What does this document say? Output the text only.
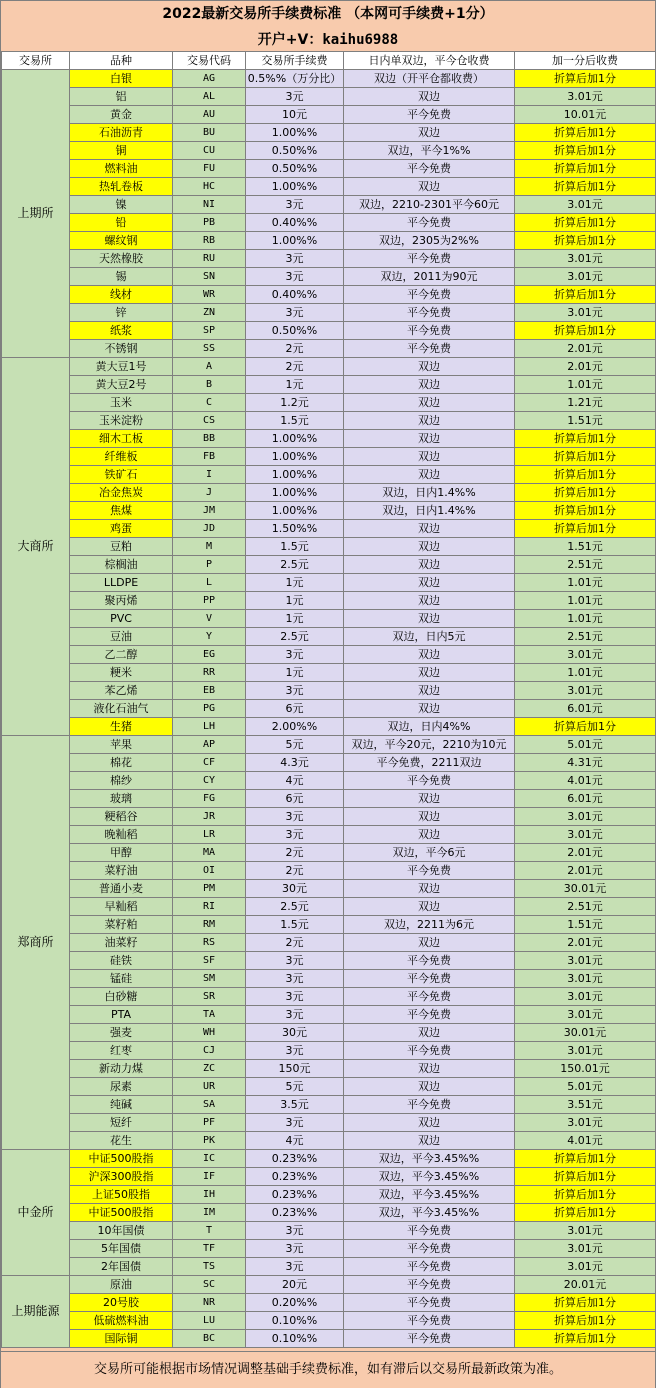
2022最新交易所手续费标准 （本网可手续费+1分）
开户+V：kaihu6988
交易所	品种	交易代码	交易所手续费	日内单双边，平今仓收费	加一分后收费
上期所	白银	AG	0.5%%（万分比）	双边（开平仓都收费）	折算后加1分
	铝	AL	3元	双边	3.01元
	黄金	AU	10元	平今免费	10.01元
	石油沥青	BU	1.00%%	双边	折算后加1分
	铜	CU	0.50%%	双边，平今1%%	折算后加1分
	燃料油	FU	0.50%%	平今免费	折算后加1分
	热轧卷板	HC	1.00%%	双边	折算后加1分
	镍	NI	3元	双边，2210-2301平今60元	3.01元
	铅	PB	0.40%%	平今免费	折算后加1分
	螺纹钢	RB	1.00%%	双边，2305为2%%	折算后加1分
	天然橡胶	RU	3元	平今免费	3.01元
	锡	SN	3元	双边，2011为90元	3.01元
	线材	WR	0.40%%	平今免费	折算后加1分
	锌	ZN	3元	平今免费	3.01元
	纸浆	SP	0.50%%	平今免费	折算后加1分
	不锈钢	SS	2元	平今免费	2.01元
大商所	黄大豆1号	A	2元	双边	2.01元
	黄大豆2号	B	1元	双边	1.01元
	玉米	C	1.2元	双边	1.21元
	玉米淀粉	CS	1.5元	双边	1.51元
	细木工板	BB	1.00%%	双边	折算后加1分
	纤维板	FB	1.00%%	双边	折算后加1分
	铁矿石	I	1.00%%	双边	折算后加1分
	冶金焦炭	J	1.00%%	双边，日内1.4%%	折算后加1分
	焦煤	JM	1.00%%	双边，日内1.4%%	折算后加1分
	鸡蛋	JD	1.50%%	双边	折算后加1分
	豆粕	M	1.5元	双边	1.51元
	棕榈油	P	2.5元	双边	2.51元
	LLDPE	L	1元	双边	1.01元
	聚丙烯	PP	1元	双边	1.01元
	PVC	V	1元	双边	1.01元
	豆油	Y	2.5元	双边，日内5元	2.51元
	乙二醇	EG	3元	双边	3.01元
	粳米	RR	1元	双边	1.01元
	苯乙烯	EB	3元	双边	3.01元
	液化石油气	PG	6元	双边	6.01元
	生猪	LH	2.00%%	双边，日内4%%	折算后加1分
郑商所	苹果	AP	5元	双边，平今20元，2210为10元	5.01元
	棉花	CF	4.3元	平今免费，2211双边	4.31元
	棉纱	CY	4元	平今免费	4.01元
	玻璃	FG	6元	双边	6.01元
	粳稻谷	JR	3元	双边	3.01元
	晚籼稻	LR	3元	双边	3.01元
	甲醇	MA	2元	双边，平今6元	2.01元
	菜籽油	OI	2元	平今免费	2.01元
	普通小麦	PM	30元	双边	30.01元
	早籼稻	RI	2.5元	双边	2.51元
	菜籽粕	RM	1.5元	双边，2211为6元	1.51元
	油菜籽	RS	2元	双边	2.01元
	硅铁	SF	3元	平今免费	3.01元
	锰硅	SM	3元	平今免费	3.01元
	白砂糖	SR	3元	平今免费	3.01元
	PTA	TA	3元	平今免费	3.01元
	强麦	WH	30元	双边	30.01元
	红枣	CJ	3元	平今免费	3.01元
	新动力煤	ZC	150元	双边	150.01元
	尿素	UR	5元	双边	5.01元
	纯碱	SA	3.5元	平今免费	3.51元
	短纤	PF	3元	双边	3.01元
	花生	PK	4元	双边	4.01元
中金所	中证500股指	IC	0.23%%	双边，平今3.45%%	折算后加1分
	沪深300股指	IF	0.23%%	双边，平今3.45%%	折算后加1分
	上证50股指	IH	0.23%%	双边，平今3.45%%	折算后加1分
	中证500股指	IM	0.23%%	双边，平今3.45%%	折算后加1分
	10年国债	T	3元	平今免费	3.01元
	5年国债	TF	3元	平今免费	3.01元
	2年国债	TS	3元	平今免费	3.01元
上期能源	原油	SC	20元	平今免费	20.01元
	20号胶	NR	0.20%%	平今免费	折算后加1分
	低硫燃料油	LU	0.10%%	平今免费	折算后加1分
	国际铜	BC	0.10%%	平今免费	折算后加1分
交易所可能根据市场情况调整基础手续费标准，如有滞后以交易所最新政策为准。
